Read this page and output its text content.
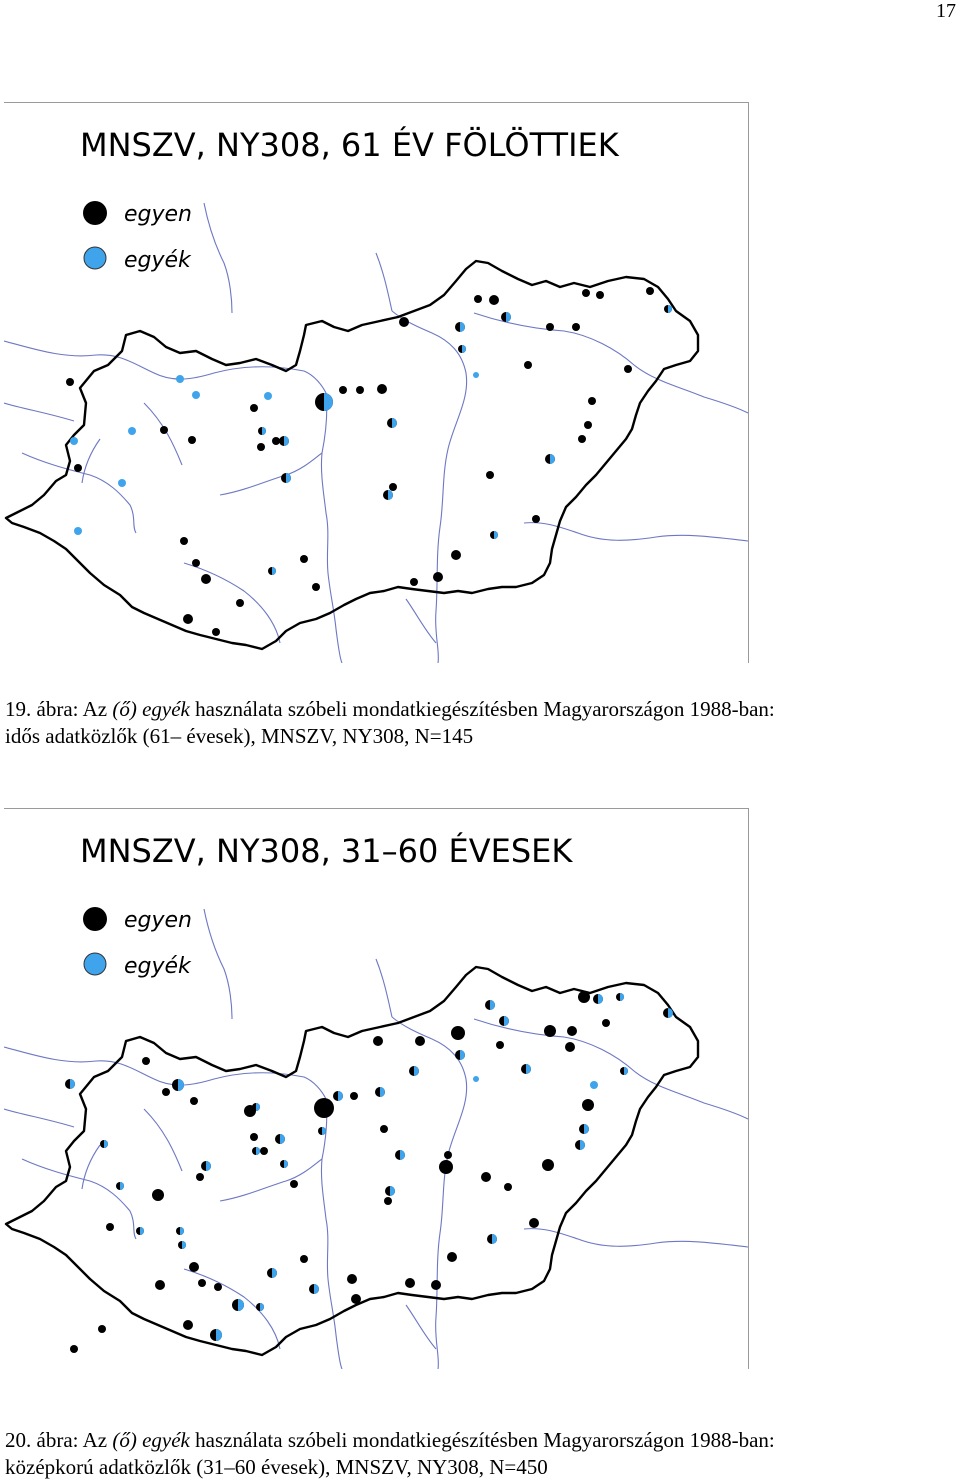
17
MNSZV, NY308, 61 ÉV FÖLÖTTIEK
egyen
egyék
19. ábra: Az (ő) egyék használata szóbeli mondatkiegészítésben Magyarországon 1988-ban:
idős adatközlők (61– évesek), MNSZV, NY308, N=145
MNSZV, NY308, 31–60 ÉVESEK
egyen
egyék
20. ábra: Az (ő) egyék használata szóbeli mondatkiegészítésben Magyarországon 1988-ban:
középkorú adatközlők (31–60 évesek), MNSZV, NY308, N=450
